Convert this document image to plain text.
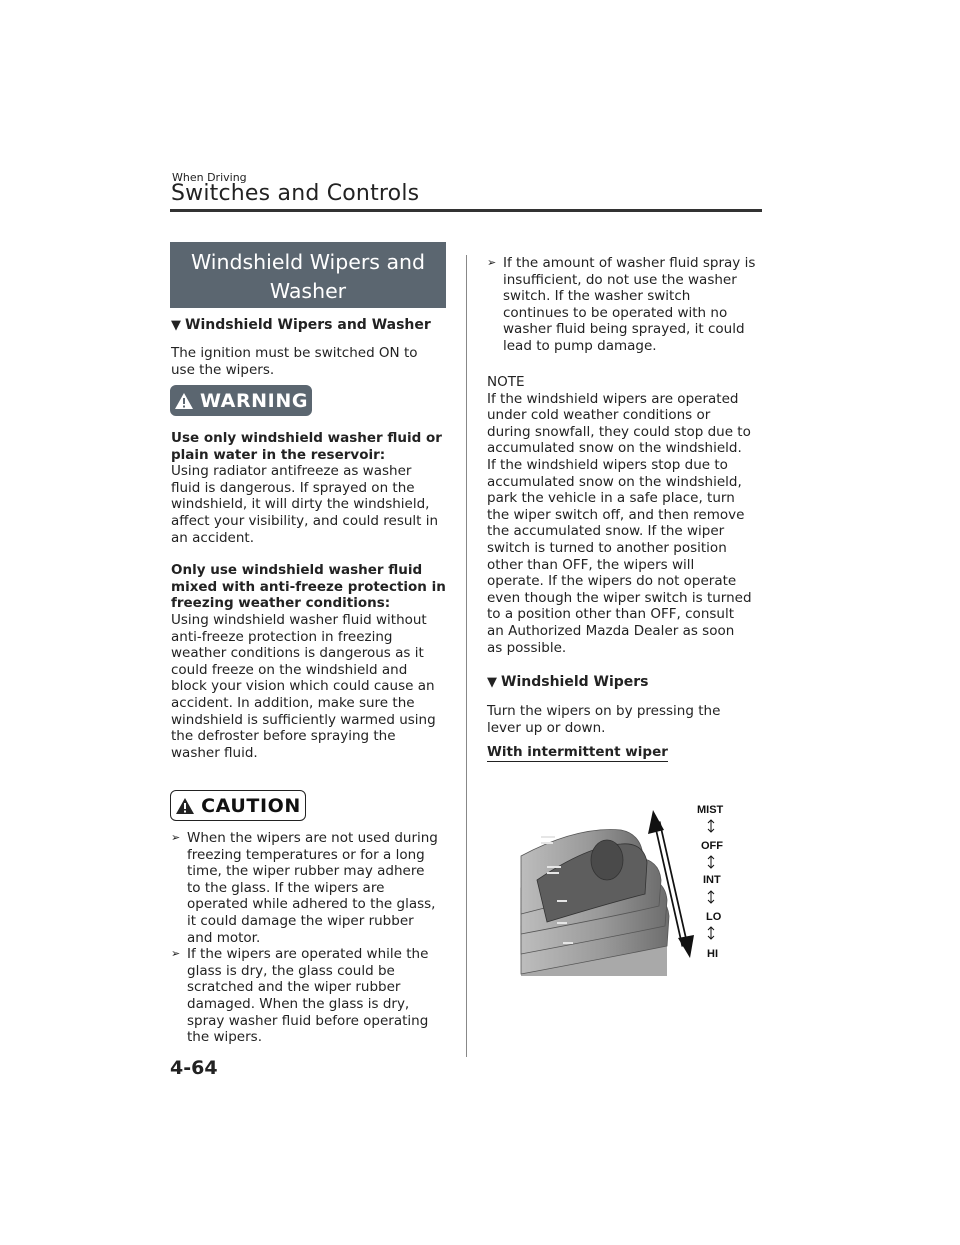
When Driving
Switches and Controls
Windshield Wipers and
Washer
▼ Windshield Wipers and Washer
The ignition must be switched ON to
use the wipers.
WARNING
Use only windshield washer fluid or
plain water in the reservoir:
Using radiator antifreeze as washer
fluid is dangerous. If sprayed on the
windshield, it will dirty the windshield,
affect your visibility, and could result in
an accident.
Only use windshield washer fluid
mixed with anti-freeze protection in
freezing weather conditions:
Using windshield washer fluid without
anti-freeze protection in freezing
weather conditions is dangerous as it
could freeze on the windshield and
block your vision which could cause an
accident. In addition, make sure the
windshield is sufficiently warmed using
the defroster before spraying the
washer fluid.
CAUTION
➢ When the wipers are not used during
freezing temperatures or for a long
time, the wiper rubber may adhere
to the glass. If the wipers are
operated while adhered to the glass,
it could damage the wiper rubber
and motor.
➢ If the wipers are operated while the
glass is dry, the glass could be
scratched and the wiper rubber
damaged. When the glass is dry,
spray washer fluid before operating
the wipers.
➢ If the amount of washer fluid spray is
insufficient, do not use the washer
switch. If the washer switch
continues to be operated with no
washer fluid being sprayed, it could
lead to pump damage.
NOTE
If the windshield wipers are operated
under cold weather conditions or
during snowfall, they could stop due to
accumulated snow on the windshield.
If the windshield wipers stop due to
accumulated snow on the windshield,
park the vehicle in a safe place, turn
the wiper switch off, and then remove
the accumulated snow. If the wiper
switch is turned to another position
other than OFF, the wipers will
operate. If the wipers do not operate
even though the wiper switch is turned
to a position other than OFF, consult
an Authorized Mazda Dealer as soon
as possible.
▼ Windshield Wipers
Turn the wipers on by pressing the
lever up or down.
With intermittent wiper
MIST
OFF
INT
LO
HI
4-64
